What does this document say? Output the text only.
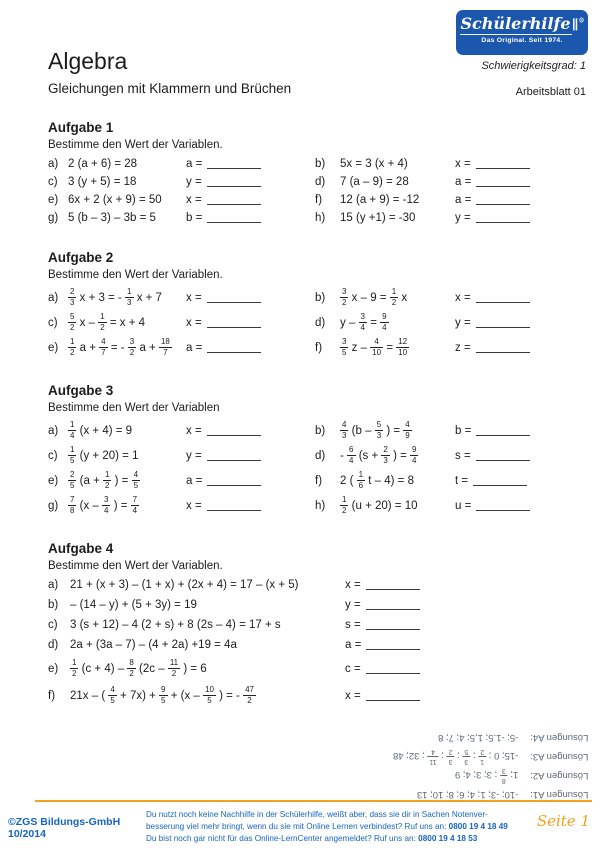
Schülerhilfe∥®
Das Original. Seit 1974.
Schwierigkeitsgrad: 1
Arbeitsblatt 01
Algebra
Gleichungen mit Klammern und Brüchen
Aufgabe 1
Bestimme den Wert der Variablen.
a) 2 (a + 6) = 28	a =	b)	5x = 3 (x + 4)	x =
c) 3 (y + 5) = 18	y =	d)	7 (a – 9) = 28	a =
e) 6x + 2 (x + 9) = 50	x =	f)	12 (a + 9) = -12	a =
g) 5 (b – 3) – 3b = 5	b =	h)	15 (y +1) = -30	y =
Aufgabe 2
Bestimme den Wert der Variablen.
a)	$\frac{2}{3}$ x + 3 = - $\frac{1}{3}$ x + 7	x =	b)	$\frac{3}{2}$ $x - 9 = \frac{1}{2}$ x	x =
c)	$\frac{5}{2}$ $x - \frac{1}{2} = x + 4$	x =	d)	$y - \frac{3}{4} = \frac{9}{4}$	y =
e)	$\frac{1}{2}$ $a + \frac{4}{7}$ = - $\frac{3}{2}$ $a + \frac{18}{7}$ a =	f)	$\frac{3}{5}$ $z - \frac{4}{10} = \frac{12}{10}$	z =
Aufgabe 3
Bestimme den Wert der Variablen
a)	$\frac{1}{4} (x + 4) = 9$	x =	b)	$\frac{4}{3} (b - \frac{5}{3}$ ) = $\frac{4}{9}$	b =
c)	$\frac{1}{5} (y + 20) = 1$	y =	d)	- $\frac{6}{4} (s + \frac{2}{3}$ ) = $\frac{9}{4}$	s =
e)	$\frac{2}{5} (a + \frac{1}{2}$ ) = $\frac{4}{5}$	a =	f)	2 ( $\frac{1}{6}$ t – 4) = 8	t =
g)	$\frac{7}{8} (x - \frac{3}{4}$ ) = $\frac{7}{4}$	x =	h)	$\frac{1}{2} (u + 20) = 10$	u =
Aufgabe 4
Bestimme den Wert der Variablen.
a)	21 + (x + 3) – (1 + x) + (2x + 4) = 17 – (x + 5)	x =
b)	– (14 – y) + (5 + 3y) = 19	y =
c)	3 (s + 12) – 4 (2 + s) + 8 (2s – 4) = 17 + s	s =
d)	2a + (3a – 7) – (4 + 2a) +19 = 4a	a =
e)	$\frac{1}{2} (c + 4) - \frac{8}{2} (2c - \frac{11}{2}$ ) = 6	c =
f)	21x – ( $\frac{4}{5} + 7x) + \frac{9}{5} + (x - \frac{10}{5}$ ) = - $\frac{47}{2}$	x =
Lösungen A1:
-10; -3; 1; 4; 6; 8; 10; 13
Lösungen A2:
1;
8
3
; 3; 3; 4; 9
Lösungen A3:
-15; 0 ;
1
2
;
3
5
;
3
2
;
11
4
; 32; 48
Lösungen A4:
-5; -1.5; 1,5; 4; 7; 8
©ZGS Bildungs-GmbH 10/2014
Du nutzt noch keine Nachhilfe in der Schülerhilfe, weißt aber, dass sie dir in Sachen Notenver-
besserung viel mehr bringt, wenn du sie mit Online Lernen verbindest? Ruf uns an: 0800 19 4 18 49
Du bist noch gar nicht für das Online-LernCenter angemeldet? Ruf uns an: 0800 19 4 18 53
Seite 1
